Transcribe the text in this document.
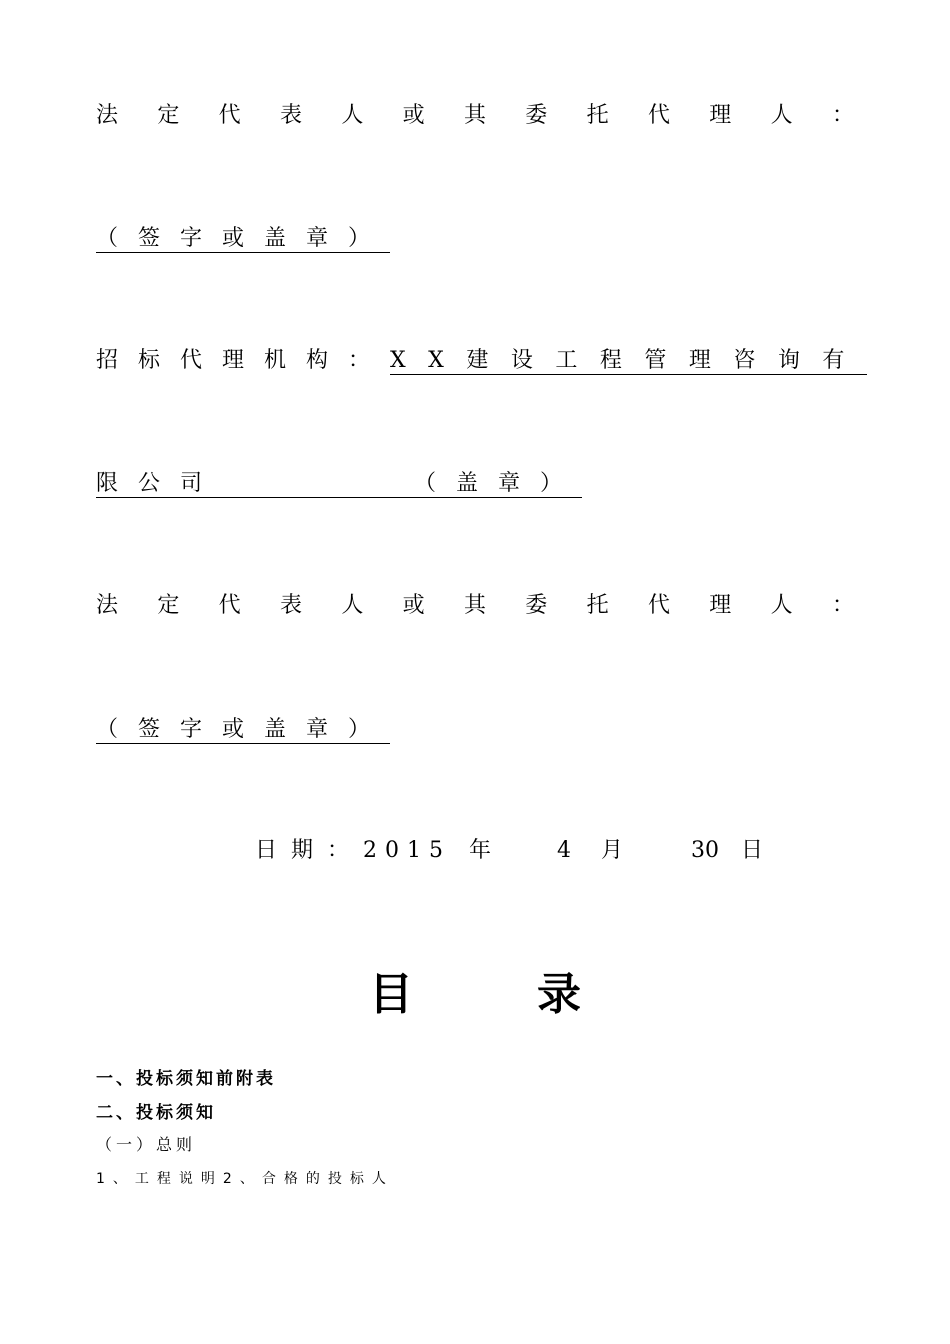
法 定 代 表 人 或 其 委 托 代 理 人 ：
（签字或盖章）
招标代理机构：XX建设工程管理咨询有
限公司	（盖章）
法 定 代 表 人 或 其 委 托 代 理 人 ：
（签字或盖章）
日期：2015 年	4 月	30 日
目	录
一、投标须知前附表
二、投标须知
（一）总则
1、工程说明2、合格的投标人
